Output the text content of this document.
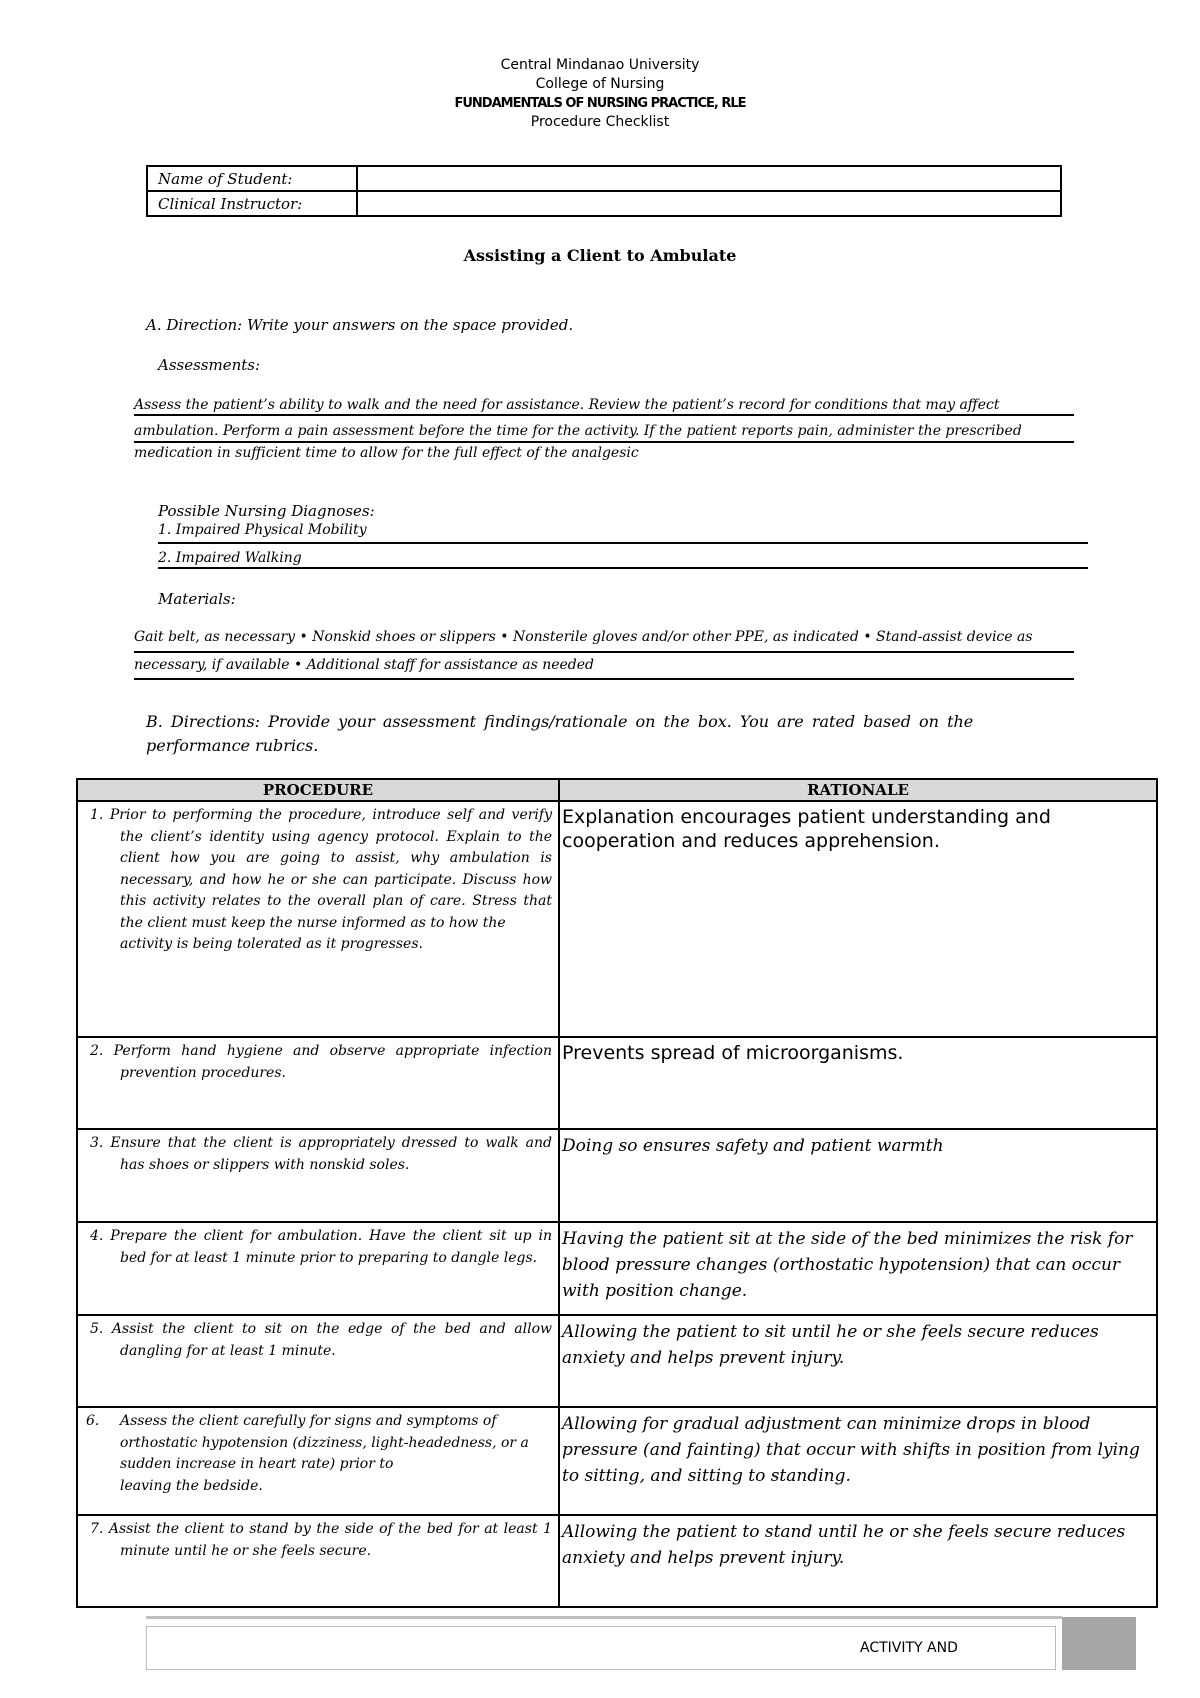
Central Mindanao University
College of Nursing
FUNDAMENTALS OF NURSING PRACTICE, RLE
Procedure Checklist
Name of Student:	
Clinical Instructor:	
Assisting a Client to Ambulate
A. Direction: Write your answers on the space provided.
Assessments:
Assess the patient’s ability to walk and the need for assistance. Review the patient’s record for conditions that may affect
ambulation. Perform a pain assessment before the time for the activity. If the patient reports pain, administer the prescribed
medication in sufficient time to allow for the full effect of the analgesic
Possible Nursing Diagnoses:
1. Impaired Physical Mobility
2. Impaired Walking
Materials:
Gait belt, as necessary • Nonskid shoes or slippers • Nonsterile gloves and/or other PPE, as indicated • Stand-assist device as
necessary, if available • Additional staff for assistance as needed
B. Directions: Provide your assessment findings/rationale on the box. You are rated based on the
performance rubrics.
PROCEDURE	RATIONALE

1. Prior to performing the procedure, introduce self and verify the client’s identity using agency protocol. Explain to the client how you are going to assist, why ambulation is necessary, and how he or she can participate. Discuss how this activity relates to the overall plan of care. Stress that the client must keep the nurse informed as to how the
activity is being tolerated as it progresses.	Explanation encourages patient understanding and cooperation and reduces apprehension.

2. Perform hand hygiene and observe appropriate infection prevention procedures.	Prevents spread of microorganisms.

3. Ensure that the client is appropriately dressed to walk and has shoes or slippers with nonskid soles.	Doing so ensures safety and patient warmth

4. Prepare the client for ambulation. Have the client sit up in bed for at least 1 minute prior to preparing to dangle legs.	Having the patient sit at the side of the bed minimizes the risk for blood pressure changes (orthostatic hypotension) that can occur with position change.

5. Assist the client to sit on the edge of the bed and allow dangling for at least 1 minute.	Allowing the patient to sit until he or she feels secure reduces anxiety and helps prevent injury.

6. Assess the client carefully for signs and symptoms of orthostatic hypotension (dizziness, light-headedness, or a sudden increase in heart rate) prior to
leaving the bedside.	Allowing for gradual adjustment can minimize drops in blood pressure (and fainting) that occur with shifts in position from lying to sitting, and sitting to standing.

7. Assist the client to stand by the side of the bed for at least 1 minute until he or she feels secure.	Allowing the patient to stand until he or she feels secure reduces anxiety and helps prevent injury.
ACTIVITY AND
